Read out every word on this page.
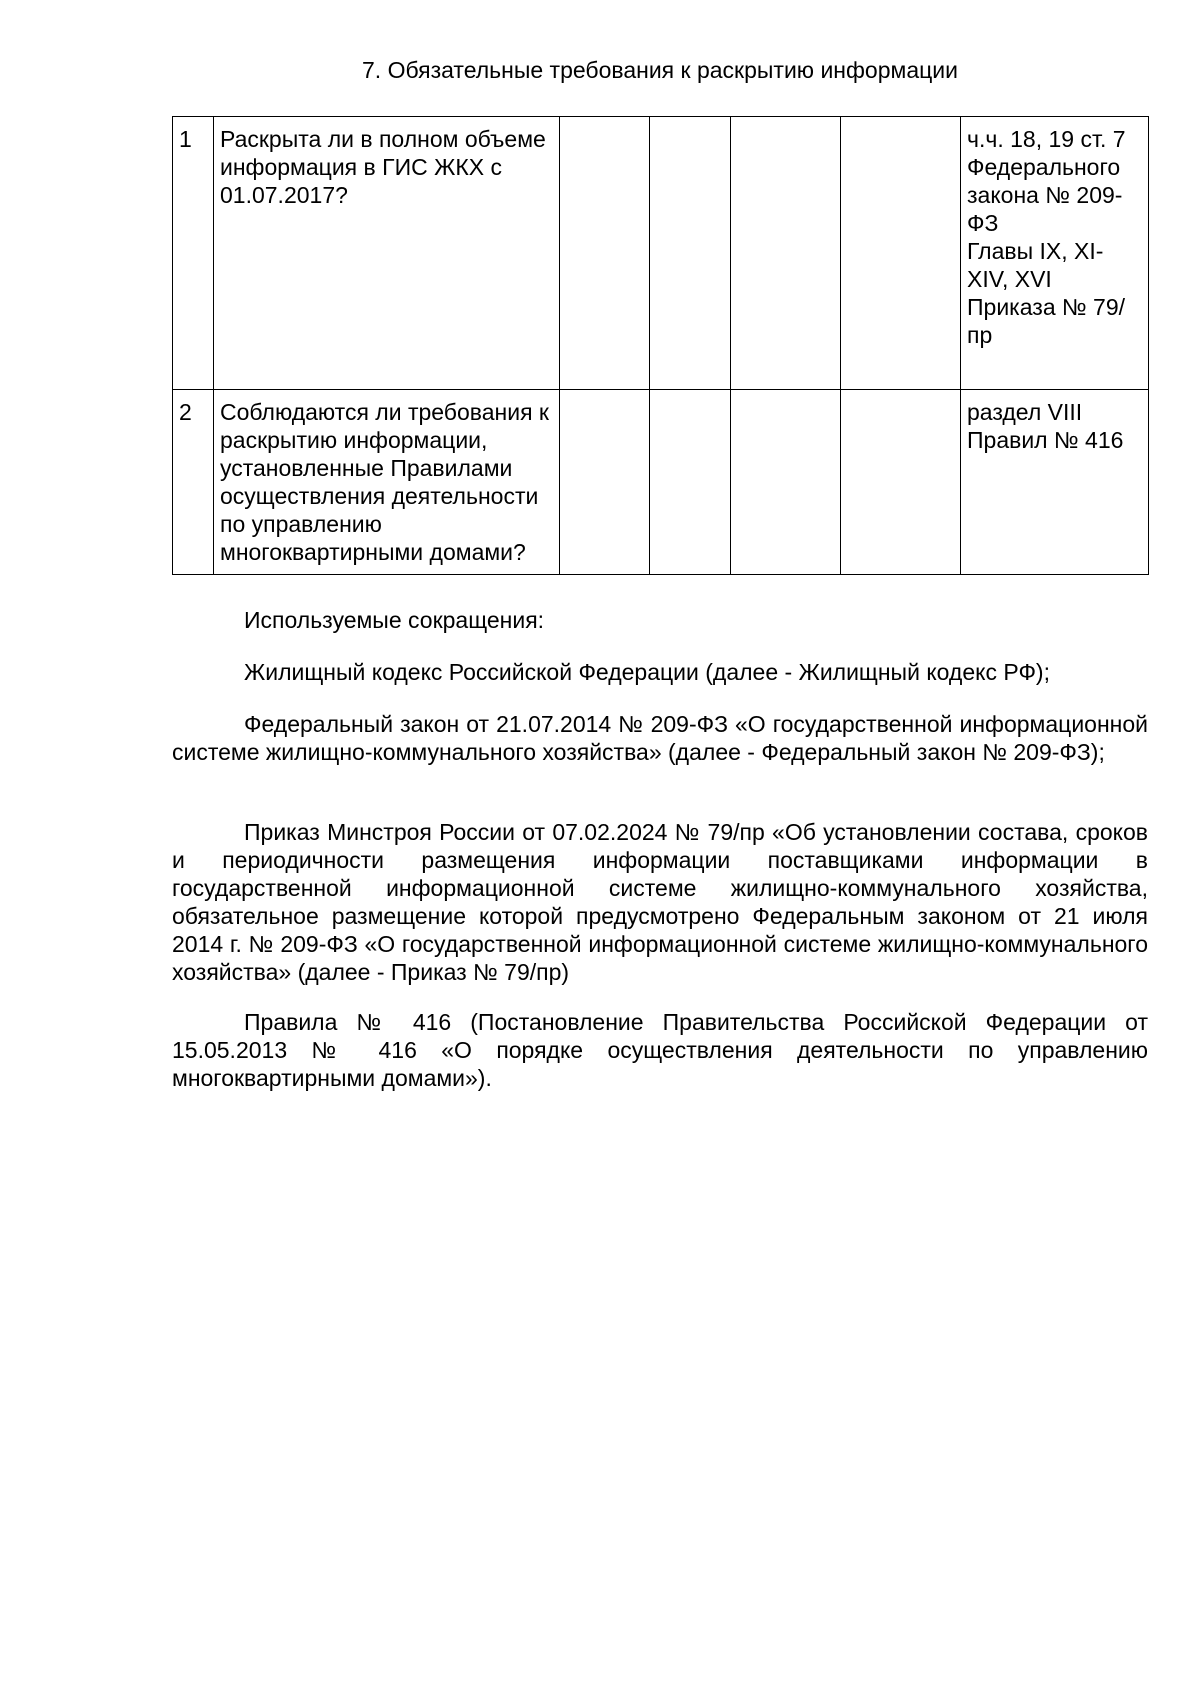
7. Обязательные требования к раскрытию информации
1	Раскрыта ли в полном объеме информация в ГИС ЖКХ с 01.07.2017?					ч.ч. 18, 19 ст. 7
Федерального закона № 209-ФЗ
Главы IX, XI-XIV, XVI
Приказа № 79/пр
2	Соблюдаются ли требования к раскрытию информации, установленные Правилами осуществления деятельности по управлению многоквартирными домами?					раздел VIII
Правил № 416

Используемые сокращения:

Жилищный кодекс Российской Федерации (далее - Жилищный кодекс РФ);

Федеральный закон от 21.07.2014 № 209-ФЗ «О государственной информационной системе жилищно-коммунального хозяйства» (далее - Федеральный закон № 209-ФЗ);

Приказ Минстроя России от 07.02.2024 № 79/пр «Об установлении состава, сроков и периодичности размещения информации поставщиками информации в государственной информационной системе жилищно-коммунального хозяйства, обязательное размещение которой предусмотрено Федеральным законом от 21 июля 2014 г. № 209-ФЗ «О государственной информационной системе жилищно-коммунального хозяйства» (далее - Приказ № 79/пр)

Правила № 416 (Постановление Правительства Российской Федерации от 15.05.2013 № 416 «О порядке осуществления деятельности по управлению многоквартирными домами»).
